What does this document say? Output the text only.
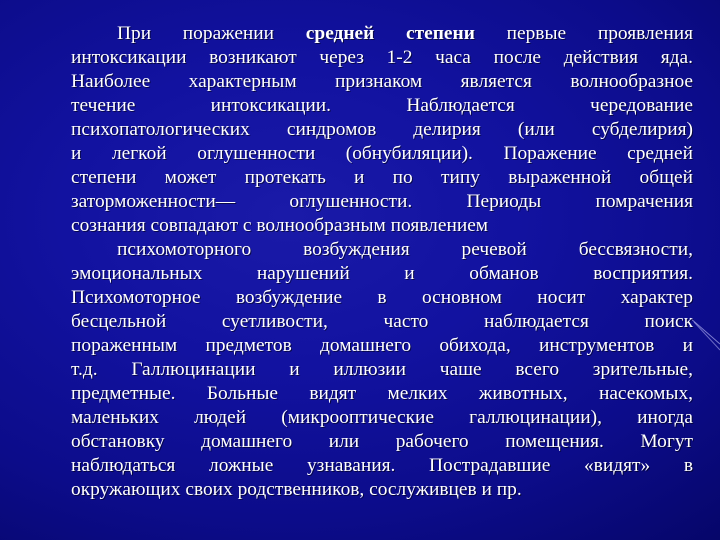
При поражении средней степени первые проявления
интоксикации возникают через 1-2 часа после действия яда.
Наиболее характерным признаком является волнообразное
течение интоксикации. Наблюдается чередование
психопатологических синдромов делирия (или субделирия)
и легкой оглушенности (обнубиляции). Поражение средней
степени может протекать и по типу выраженной общей
заторможенности— оглушенности. Периоды помрачения
сознания совпадают с волнообразным появлением
психомоторного возбуждения речевой бессвязности,
эмоциональных нарушений и обманов восприятия.
Психомоторное возбуждение в основном носит характер
бесцельной суетливости, часто наблюдается поиск
пораженным предметов домашнего обихода, инструментов и
т.д. Галлюцинации и иллюзии чаше всего зрительные,
предметные. Больные видят мелких животных, насекомых,
маленьких людей (микрооптические галлюцинации), иногда
обстановку домашнего или рабочего помещения. Могут
наблюдаться ложные узнавания. Пострадавшие «видят» в
окружающих своих родственников, сослуживцев и пр.
